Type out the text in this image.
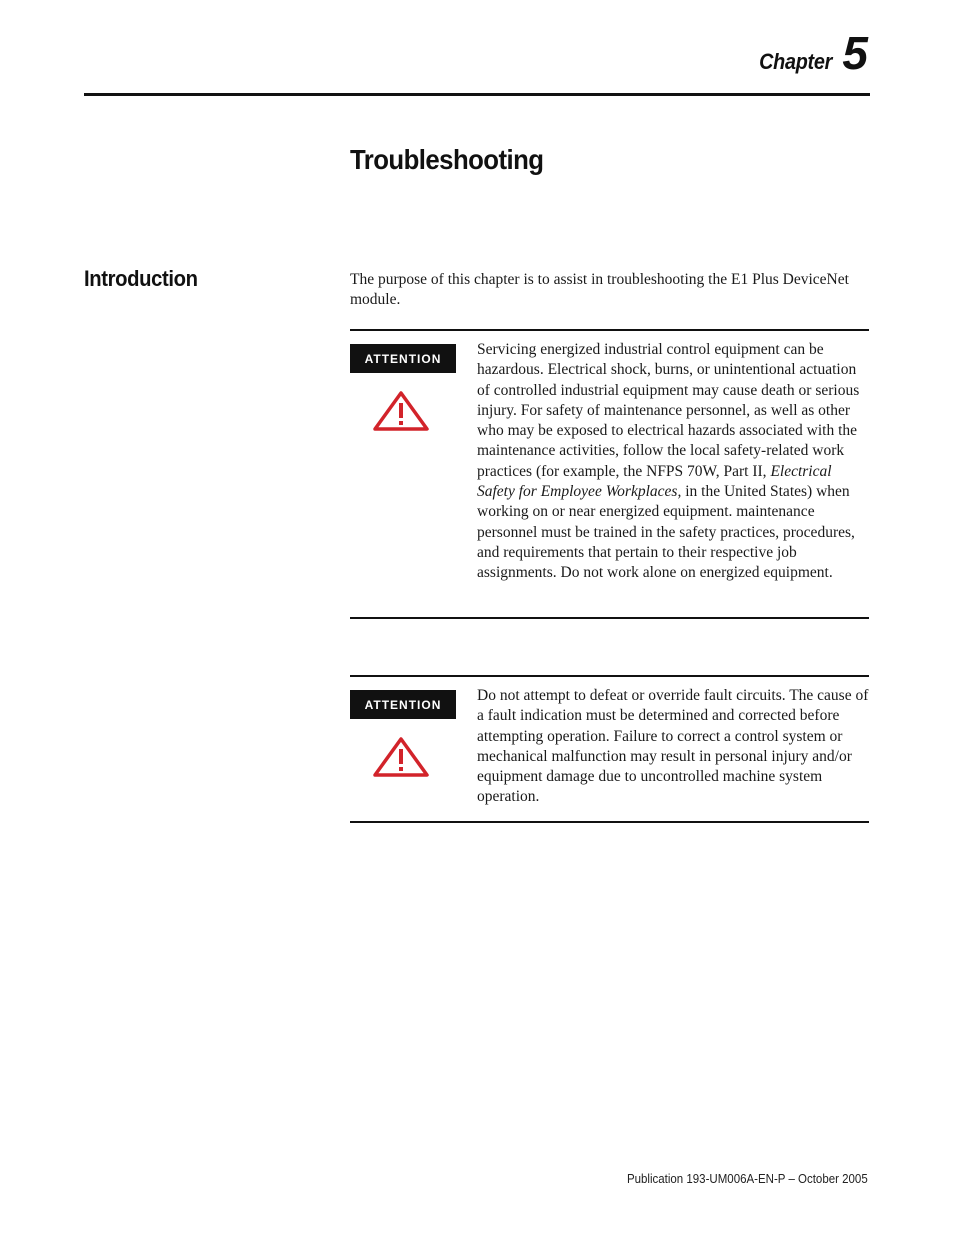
Chapter 5
Troubleshooting
Introduction	The purpose of this chapter is to assist in troubleshooting the E1 Plus DeviceNet module.

ATTENTION

Servicing energized industrial control equipment can be hazardous. Electrical shock, burns, or unintentional actuation of controlled industrial equipment may cause death or serious injury. For safety of maintenance personnel, as well as other who may be exposed to electrical hazards associated with the maintenance activities, follow the local safety-related work practices (for example, the NFPS 70W, Part II, Electrical Safety for Employee Workplaces, in the United States) when working on or near energized equipment. maintenance personnel must be trained in the safety practices, procedures, and requirements that pertain to their respective job assignments. Do not work alone on energized equipment.

ATTENTION

Do not attempt to defeat or override fault circuits. The cause of a fault indication must be determined and corrected before attempting operation. Failure to correct a control system or mechanical malfunction may result in personal injury and/or equipment damage due to uncontrolled machine system operation.

Publication 193-UM006A-EN-P – October 2005
